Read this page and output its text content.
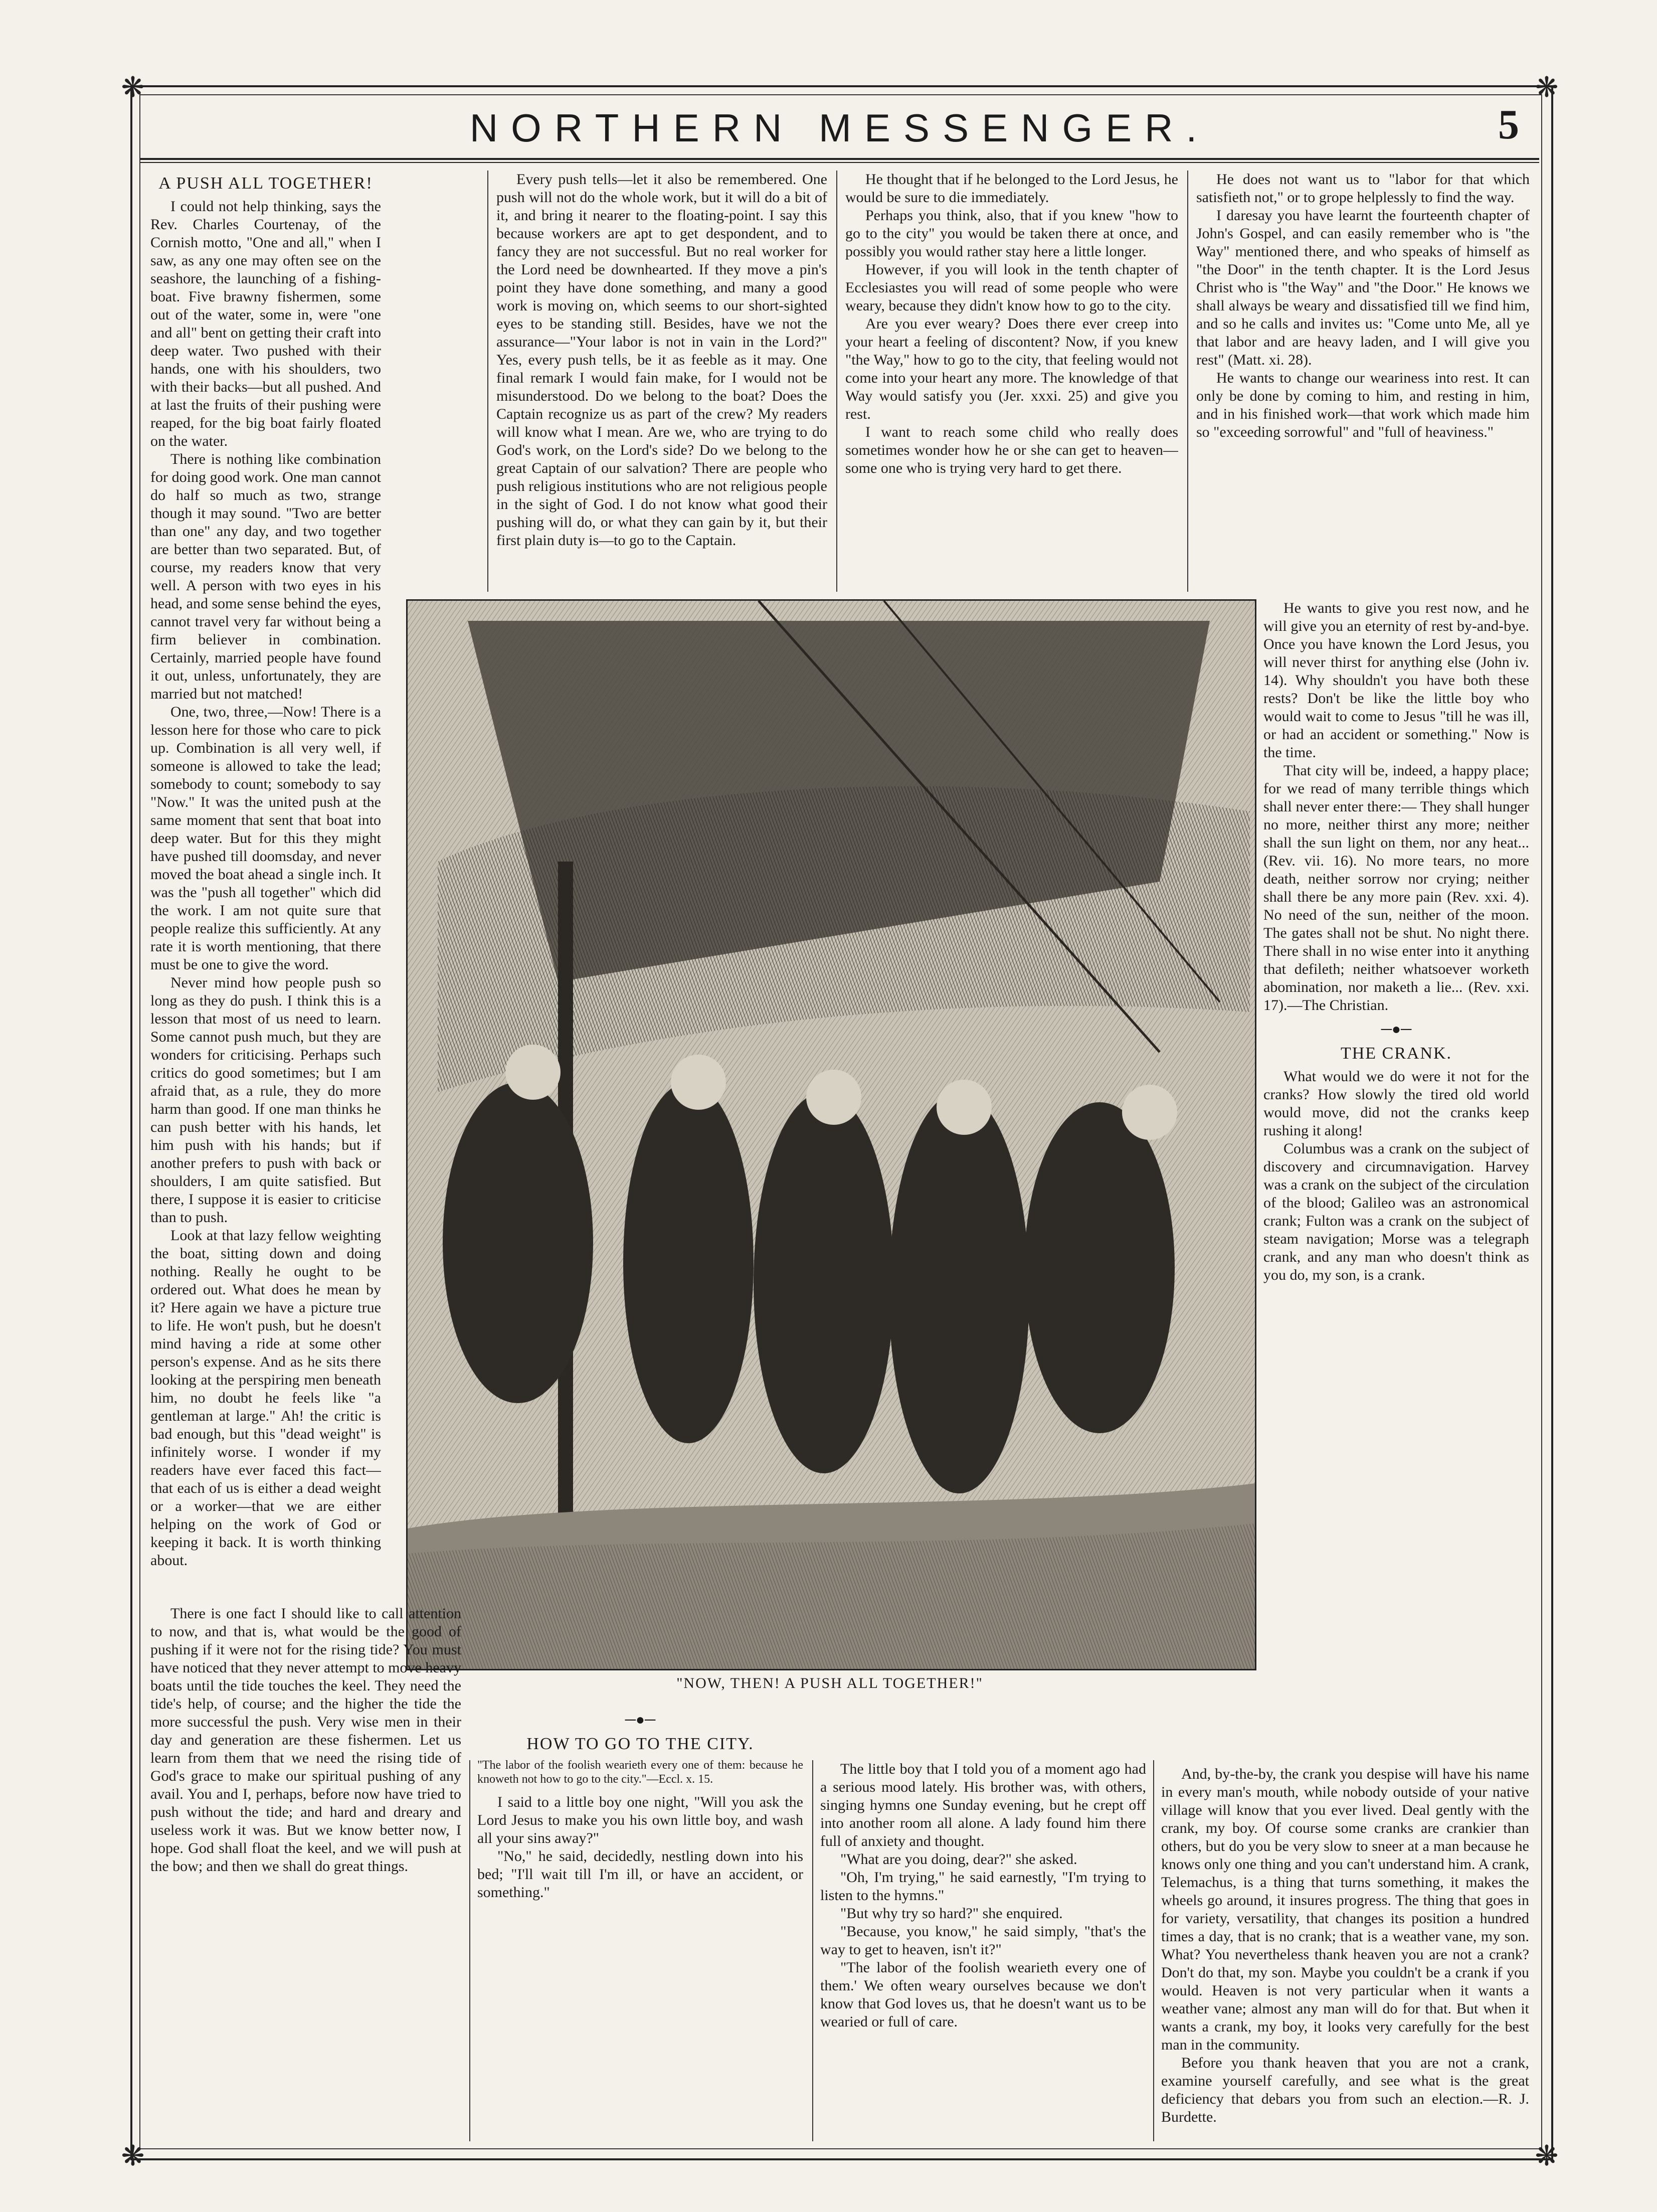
❋	❋
❋	❋
NORTHERN MESSENGER.	5
A PUSH ALL TOGETHER!

I could not help thinking, says the Rev. Charles Courtenay, of the Cornish motto, "One and all," when I saw, as any one may often see on the seashore, the launching of a fishing-boat. Five brawny fishermen, some out of the water, some in, were "one and all" bent on getting their craft into deep water. Two pushed with their hands, one with his shoulders, two with their backs—but all pushed. And at last the fruits of their pushing were reaped, for the big boat fairly floated on the water.

There is nothing like combination for doing good work. One man cannot do half so much as two, strange though it may sound. "Two are better than one" any day, and two together are better than two separated. But, of course, my readers know that very well. A person with two eyes in his head, and some sense behind the eyes, cannot travel very far without being a firm believer in combination. Certainly, married people have found it out, unless, unfortunately, they are married but not matched!

One, two, three,—Now! There is a lesson here for those who care to pick up. Combination is all very well, if someone is allowed to take the lead; somebody to count; somebody to say "Now." It was the united push at the same moment that sent that boat into deep water. But for this they might have pushed till doomsday, and never moved the boat ahead a single inch. It was the "push all together" which did the work. I am not quite sure that people realize this sufficiently. At any rate it is worth mentioning, that there must be one to give the word.

Never mind how people push so long as they do push. I think this is a lesson that most of us need to learn. Some cannot push much, but they are wonders for criticising. Perhaps such critics do good sometimes; but I am afraid that, as a rule, they do more harm than good. If one man thinks he can push better with his hands, let him push with his hands; but if another prefers to push with back or shoulders, I am quite satisfied. But there, I suppose it is easier to criticise than to push.

Look at that lazy fellow weighting the boat, sitting down and doing nothing. Really he ought to be ordered out. What does he mean by it? Here again we have a picture true to life. He won't push, but he doesn't mind having a ride at some other person's expense. And as he sits there looking at the perspiring men beneath him, no doubt he feels like "a gentleman at large." Ah! the critic is bad enough, but this "dead weight" is infinitely worse. I wonder if my readers have ever faced this fact—that each of us is either a dead weight or a worker—that we are either helping on the work of God or keeping it back. It is worth thinking about.

Every push tells—let it also be remembered. One push will not do the whole work, but it will do a bit of it, and bring it nearer to the floating-point. I say this because workers are apt to get despondent, and to fancy they are not successful. But no real worker for the Lord need be downhearted. If they move a pin's point they have done something, and many a good work is moving on, which seems to our short-sighted eyes to be standing still. Besides, have we not the assurance—"Your labor is not in vain in the Lord?" Yes, every push tells, be it as feeble as it may. One final remark I would fain make, for I would not be misunderstood. Do we belong to the boat? Does the Captain recognize us as part of the crew? My readers will know what I mean. Are we, who are trying to do God's work, on the Lord's side? Do we belong to the great Captain of our salvation? There are people who push religious institutions who are not religious people in the sight of God. I do not know what good their pushing will do, or what they can gain by it, but their first plain duty is—to go to the Captain.

He thought that if he belonged to the Lord Jesus, he would be sure to die immediately.

Perhaps you think, also, that if you knew "how to go to the city" you would be taken there at once, and possibly you would rather stay here a little longer.

However, if you will look in the tenth chapter of Ecclesiastes you will read of some people who were weary, because they didn't know how to go to the city.

Are you ever weary? Does there ever creep into your heart a feeling of discontent? Now, if you knew "the Way," how to go to the city, that feeling would not come into your heart any more. The knowledge of that Way would satisfy you (Jer. xxxi. 25) and give you rest.

I want to reach some child who really does sometimes wonder how he or she can get to heaven—some one who is trying very hard to get there.

He does not want us to "labor for that which satisfieth not," or to grope helplessly to find the way.

I daresay you have learnt the fourteenth chapter of John's Gospel, and can easily remember who is "the Way" mentioned there, and who speaks of himself as "the Door" in the tenth chapter. It is the Lord Jesus Christ who is "the Way" and "the Door." He knows we shall always be weary and dissatisfied till we find him, and so he calls and invites us: "Come unto Me, all ye that labor and are heavy laden, and I will give you rest" (Matt. xi. 28).

He wants to change our weariness into rest. It can only be done by coming to him, and resting in him, and in his finished work—that work which made him so "exceeding sorrowful" and "full of heaviness."

He wants to give you rest now, and he will give you an eternity of rest by-and-bye. Once you have known the Lord Jesus, you will never thirst for anything else (John iv. 14). Why shouldn't you have both these rests? Don't be like the little boy who would wait to come to Jesus "till he was ill, or had an accident or something." Now is the time.

That city will be, indeed, a happy place; for we read of many terrible things which shall never enter there:— They shall hunger no more, neither thirst any more; neither shall the sun light on them, nor any heat... (Rev. vii. 16). No more tears, no more death, neither sorrow nor crying; neither shall there be any more pain (Rev. xxi. 4). No need of the sun, neither of the moon. The gates shall not be shut. No night there. There shall in no wise enter into it anything that defileth; neither whatsoever worketh abomination, nor maketh a lie... (Rev. xxi. 17).—The Christian.

─●─
THE CRANK.

What would we do were it not for the cranks? How slowly the tired old world would move, did not the cranks keep rushing it along!

Columbus was a crank on the subject of discovery and circumnavigation. Harvey was a crank on the subject of the circulation of the blood; Galileo was an astronomical crank; Fulton was a crank on the subject of steam navigation; Morse was a telegraph crank, and any man who doesn't think as you do, my son, is a crank.

"NOW, THEN! A PUSH ALL TOGETHER!"

There is one fact I should like to call attention to now, and that is, what would be the good of pushing if it were not for the rising tide? You must have noticed that they never attempt to move heavy boats until the tide touches the keel. They need the tide's help, of course; and the higher the tide the more successful the push. Very wise men in their day and generation are these fishermen. Let us learn from them that we need the rising tide of God's grace to make our spiritual pushing of any avail. You and I, perhaps, before now have tried to push without the tide; and hard and dreary and useless work it was. But we know better now, I hope. God shall float the keel, and we will push at the bow; and then we shall do great things.

─●─
HOW TO GO TO THE CITY.

"The labor of the foolish wearieth every one of them: because he knoweth not how to go to the city."—Eccl. x. 15.

I said to a little boy one night, "Will you ask the Lord Jesus to make you his own little boy, and wash all your sins away?"

"No," he said, decidedly, nestling down into his bed; "I'll wait till I'm ill, or have an accident, or something."

The little boy that I told you of a moment ago had a serious mood lately. His brother was, with others, singing hymns one Sunday evening, but he crept off into another room all alone. A lady found him there full of anxiety and thought.

"What are you doing, dear?" she asked.

"Oh, I'm trying," he said earnestly, "I'm trying to listen to the hymns."

"But why try so hard?" she enquired.

"Because, you know," he said simply, "that's the way to get to heaven, isn't it?"

"The labor of the foolish wearieth every one of them.' We often weary ourselves because we don't know that God loves us, that he doesn't want us to be wearied or full of care.

And, by-the-by, the crank you despise will have his name in every man's mouth, while nobody outside of your native village will know that you ever lived. Deal gently with the crank, my boy. Of course some cranks are crankier than others, but do you be very slow to sneer at a man because he knows only one thing and you can't understand him. A crank, Telemachus, is a thing that turns something, it makes the wheels go around, it insures progress. The thing that goes in for variety, versatility, that changes its position a hundred times a day, that is no crank; that is a weather vane, my son. What? You nevertheless thank heaven you are not a crank? Don't do that, my son. Maybe you couldn't be a crank if you would. Heaven is not very particular when it wants a weather vane; almost any man will do for that. But when it wants a crank, my boy, it looks very carefully for the best man in the community.

Before you thank heaven that you are not a crank, examine yourself carefully, and see what is the great deficiency that debars you from such an election.—R. J. Burdette.
